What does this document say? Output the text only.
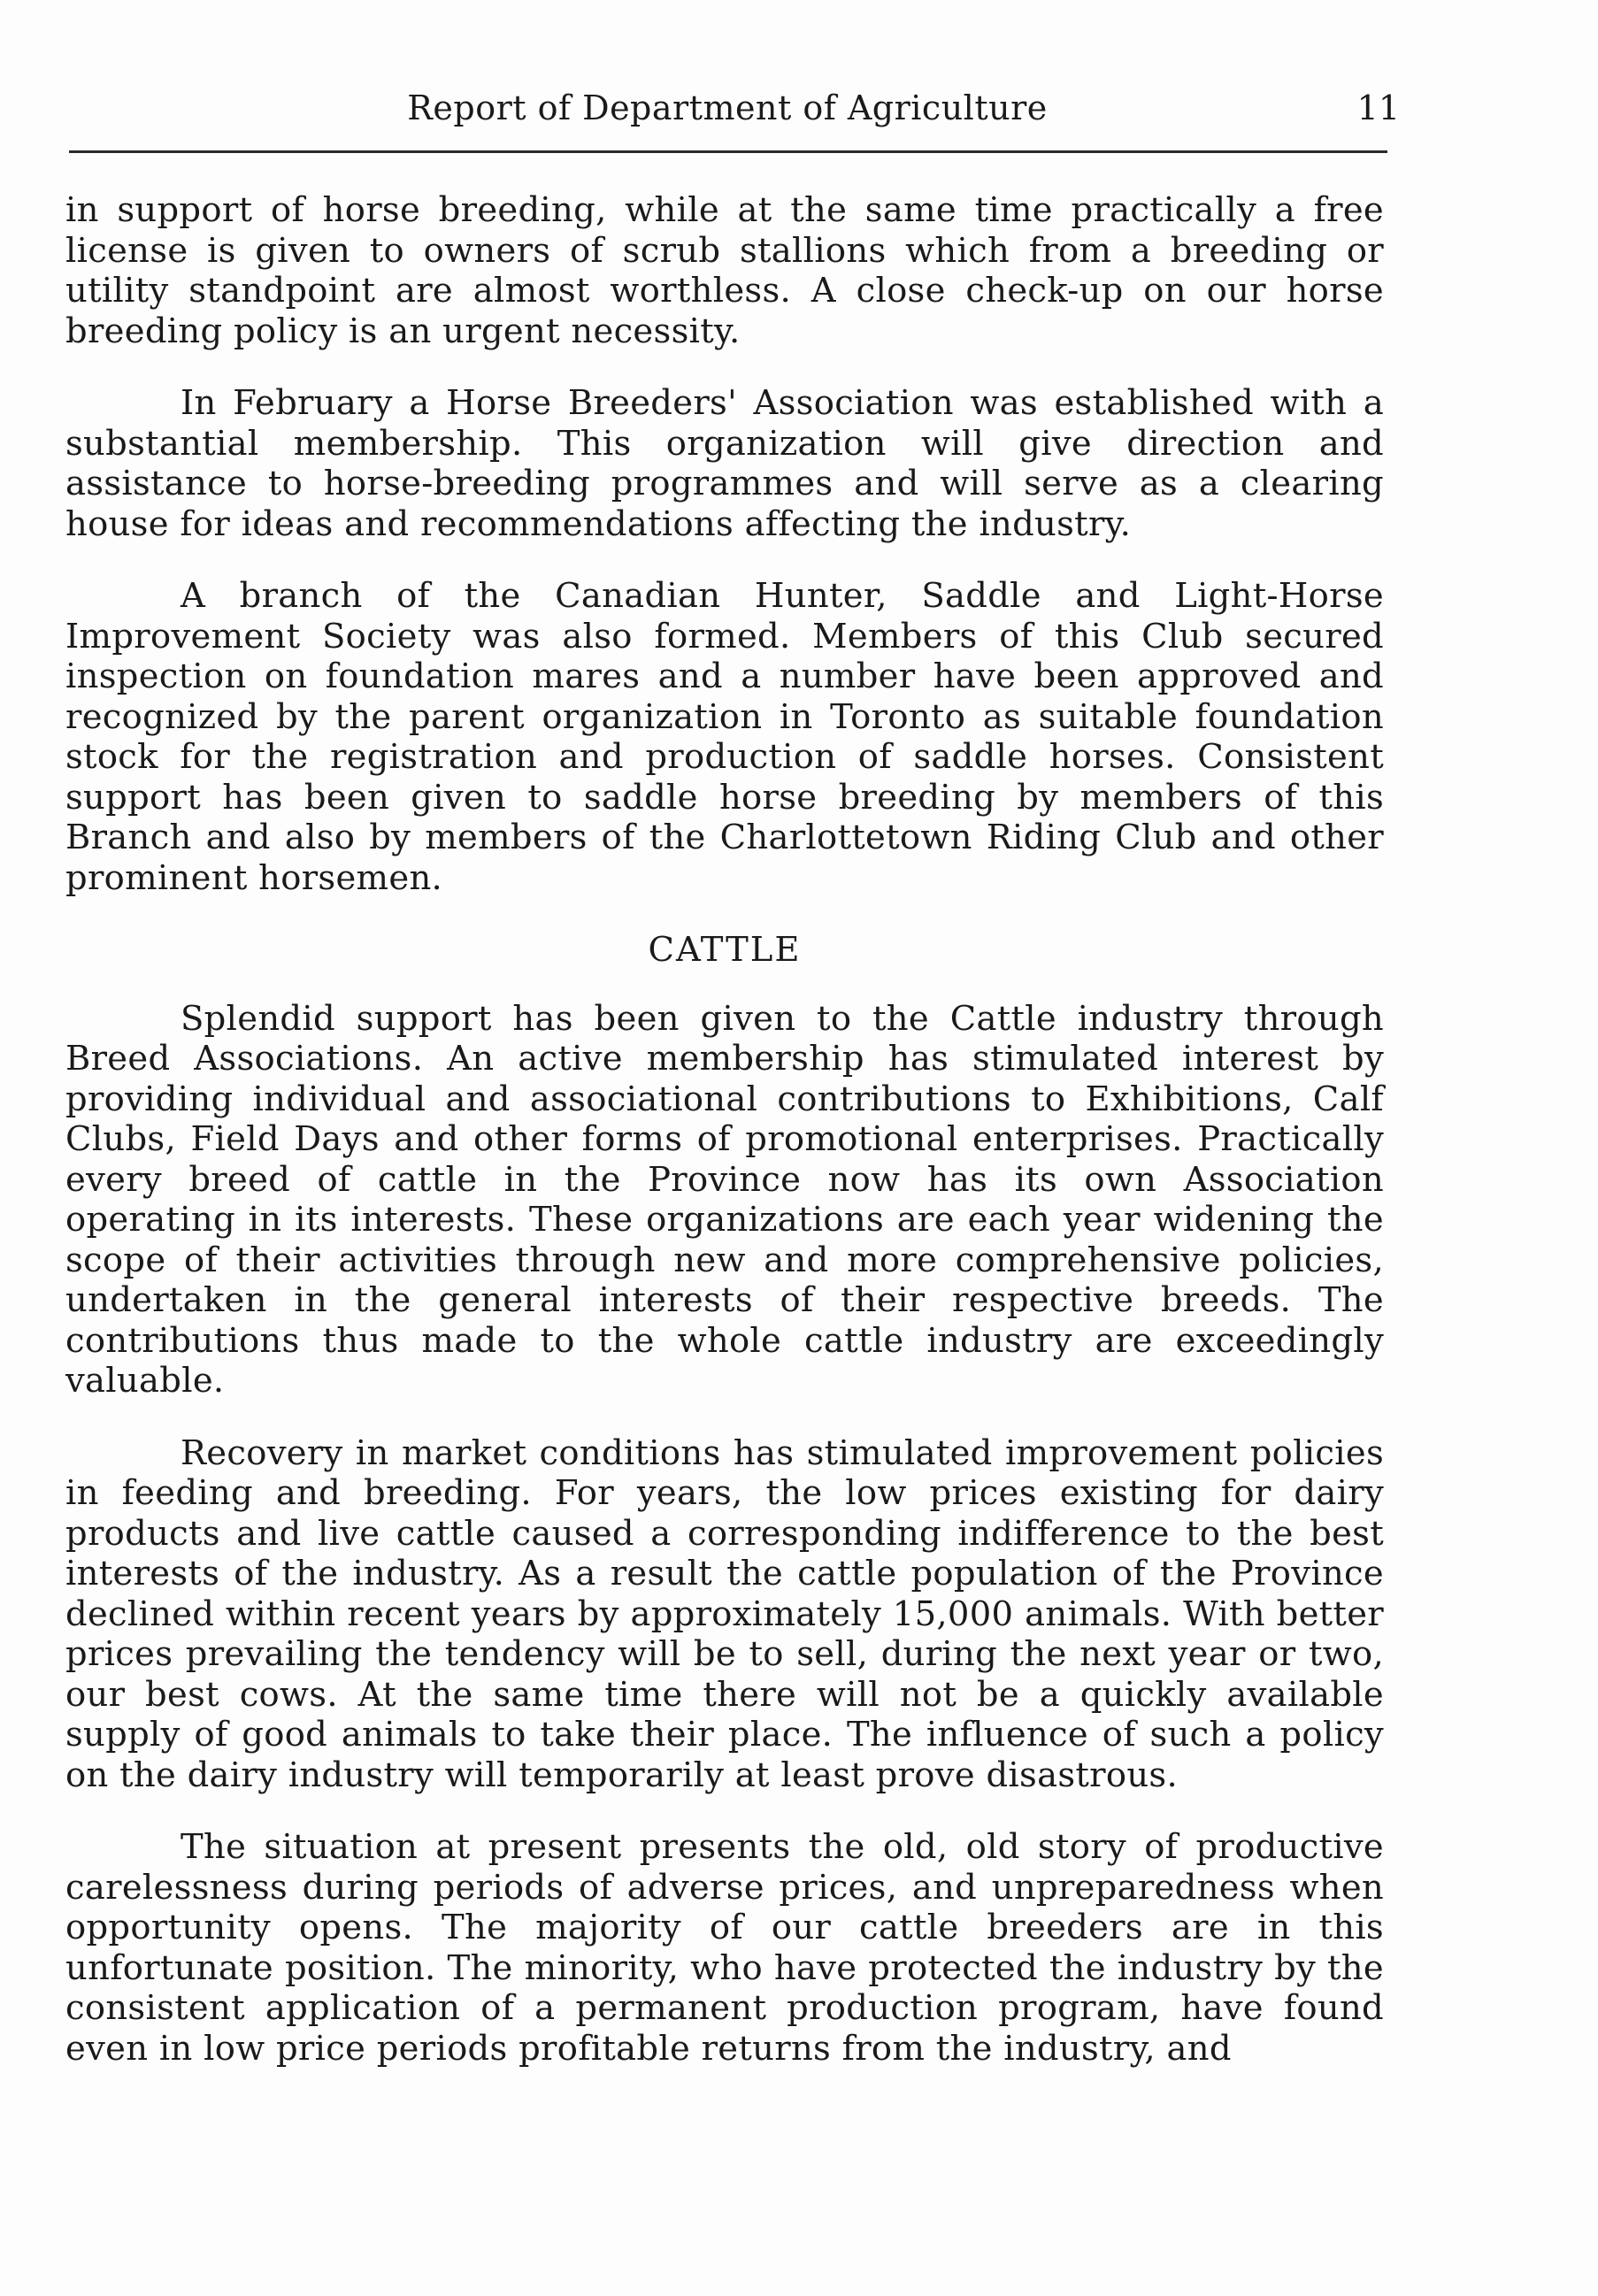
Report of Department of Agriculture	11

in support of horse breeding, while at the same time practically a free license is given to owners of scrub stallions which from a breeding or utility standpoint are almost worthless. A close check-up on our horse breeding policy is an urgent necessity.

In February a Horse Breeders' Association was established with a substantial membership. This organization will give direction and assistance to horse-breeding programmes and will serve as a clearing house for ideas and recommendations affecting the industry.

A branch of the Canadian Hunter, Saddle and Light-Horse Improvement Society was also formed. Members of this Club secured inspection on foundation mares and a number have been approved and recognized by the parent organization in Toronto as suitable foundation stock for the registration and production of saddle horses. Consistent support has been given to saddle horse breeding by members of this Branch and also by members of the Charlottetown Riding Club and other prominent horsemen.

CATTLE

Splendid support has been given to the Cattle industry through Breed Associations. An active membership has stimulated interest by providing individual and associational contributions to Exhibitions, Calf Clubs, Field Days and other forms of promotional enterprises. Practically every breed of cattle in the Province now has its own Association operating in its interests. These organizations are each year widening the scope of their activities through new and more comprehensive policies, undertaken in the general interests of their respective breeds. The contributions thus made to the whole cattle industry are exceedingly valuable.

Recovery in market conditions has stimulated improvement policies in feeding and breeding. For years, the low prices existing for dairy products and live cattle caused a corresponding indifference to the best interests of the industry. As a result the cattle population of the Province declined within recent years by approximately 15,000 animals. With better prices prevailing the tendency will be to sell, during the next year or two, our best cows. At the same time there will not be a quickly available supply of good animals to take their place. The influence of such a policy on the dairy industry will temporarily at least prove disastrous.

The situation at present presents the old, old story of productive carelessness during periods of adverse prices, and unpreparedness when opportunity opens. The majority of our cattle breeders are in this unfortunate position. The minority, who have protected the industry by the consistent application of a permanent production program, have found even in low price periods profitable returns from the industry, and
